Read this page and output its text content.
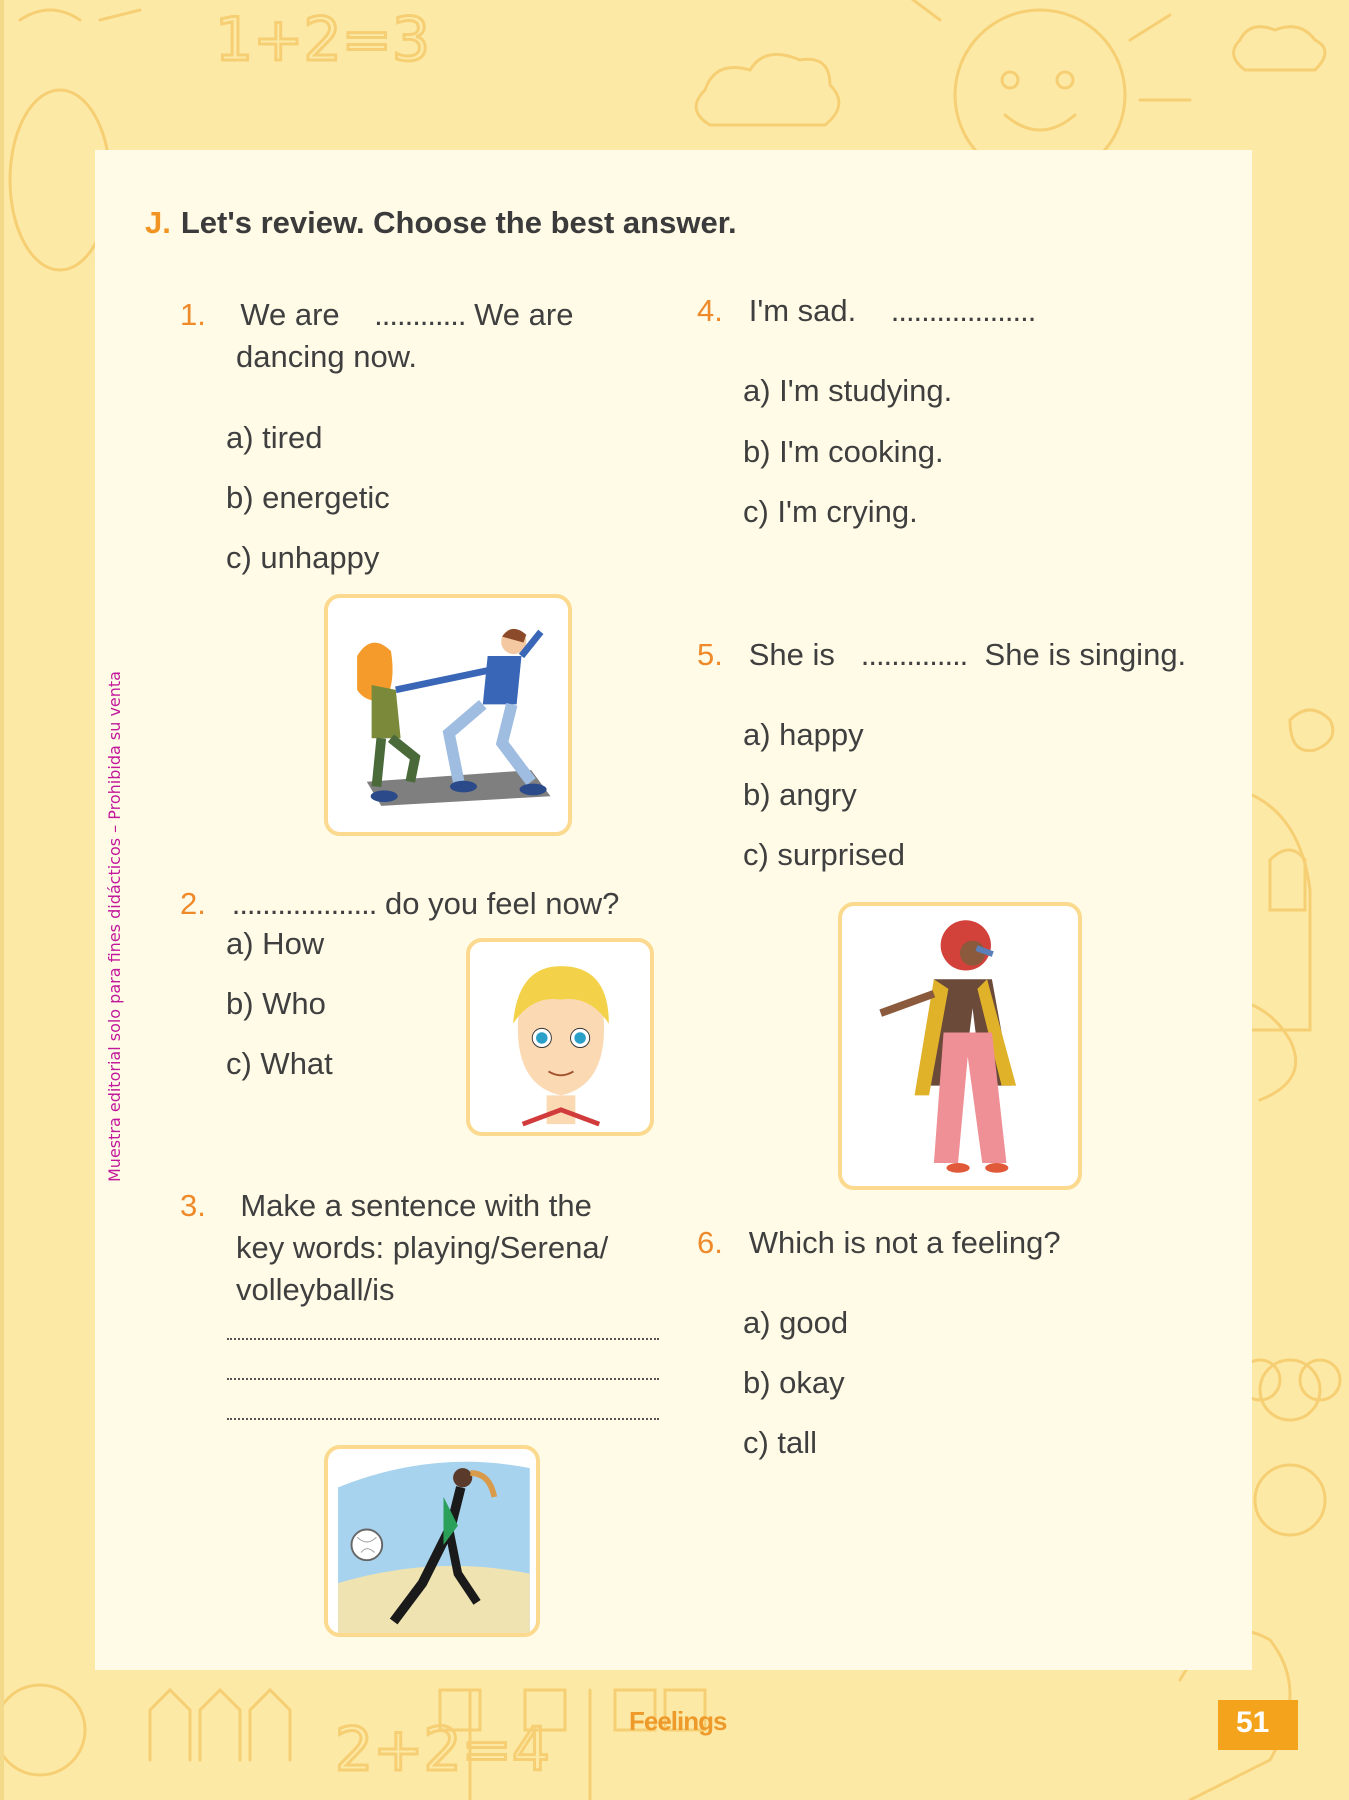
1+2=3
2+2=4
Muestra editorial solo para fines didácticos – Prohibida su venta
J. Let's review. Choose the best answer.
1. We are ............ We are
dancing now.
a) tired
b) energetic
c) unhappy
2. ................... do you feel now?
a) How
b) Who
c) What
3. Make a sentence with the
key words: playing/Serena/
volleyball/is
4. I'm sad. ...................
a) I'm studying.
b) I'm cooking.
c) I'm crying.
5. She is .............. She is singing.
a) happy
b) angry
c) surprised
6. Which is not a feeling?
a) good
b) okay
c) tall
Feelings	51
